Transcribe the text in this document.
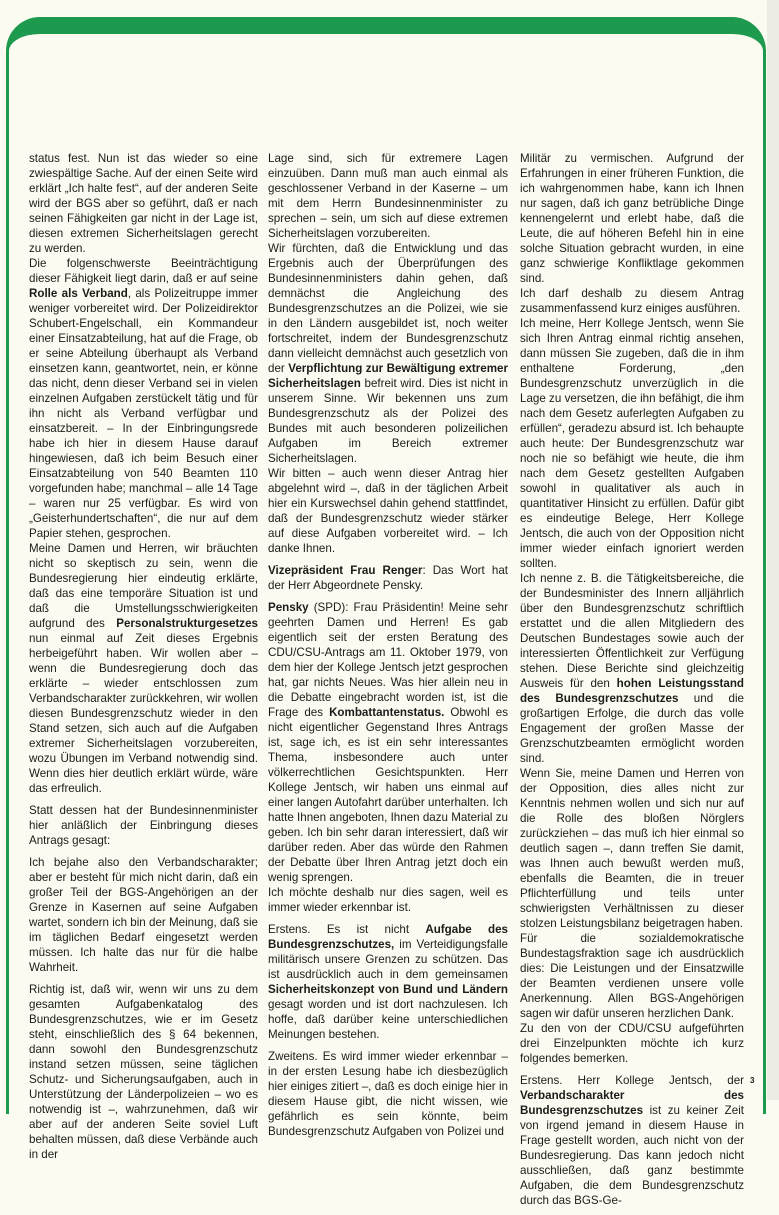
status fest. Nun ist das wieder so eine zwiespältige Sache. Auf der einen Seite wird erklärt „Ich halte fest“, auf der anderen Seite wird der BGS aber so geführt, daß er nach seinen Fähigkeiten gar nicht in der Lage ist, diesen extremen Sicherheitslagen gerecht zu werden.

Die folgenschwerste Beeinträchtigung dieser Fähigkeit liegt darin, daß er auf seine Rolle als Verband, als Polizeitruppe immer weniger vorbereitet wird. Der Polizeidirektor Schubert-Engelschall, ein Kommandeur einer Einsatzabteilung, hat auf die Frage, ob er seine Abteilung überhaupt als Verband einsetzen kann, geantwortet, nein, er könne das nicht, denn dieser Verband sei in vielen einzelnen Aufgaben zerstückelt tätig und für ihn nicht als Verband verfügbar und einsatzbereit. – In der Einbringungsrede habe ich hier in diesem Hause darauf hingewiesen, daß ich beim Besuch einer Einsatzabteilung von 540 Beamten 110 vorgefunden habe; manchmal – alle 14 Tage – waren nur 25 verfügbar. Es wird von „Geisterhundertschaften“, die nur auf dem Papier stehen, gesprochen.

Meine Damen und Herren, wir bräuchten nicht so skeptisch zu sein, wenn die Bundesregierung hier eindeutig erklärte, daß das eine temporäre Situation ist und daß die Umstellungsschwierigkeiten aufgrund des Personalstrukturgesetzes nun einmal auf Zeit dieses Ergebnis herbeigeführt haben. Wir wollen aber – wenn die Bundesregierung doch das erklärte – wieder entschlossen zum Verbandscharakter zurückkehren, wir wollen diesen Bundesgrenzschutz wieder in den Stand setzen, sich auch auf die Aufgaben extremer Sicherheitslagen vorzubereiten, wozu Übungen im Verband notwendig sind. Wenn dies hier deutlich erklärt würde, wäre das erfreulich.

Statt dessen hat der Bundesinnenminister hier anläßlich der Einbringung dieses Antrags gesagt:

Ich bejahe also den Verbandscharakter; aber er besteht für mich nicht darin, daß ein großer Teil der BGS-Angehörigen an der Grenze in Kasernen auf seine Aufgaben wartet, sondern ich bin der Meinung, daß sie im täglichen Bedarf eingesetzt werden müssen. Ich halte das nur für die halbe Wahrheit.

Richtig ist, daß wir, wenn wir uns zu dem gesamten Aufgabenkatalog des Bundesgrenzschutzes, wie er im Gesetz steht, einschließlich des § 64 bekennen, dann sowohl den Bundesgrenzschutz instand setzen müssen, seine täglichen Schutz- und Sicherungsaufgaben, auch in Unterstützung der Länderpolizeien – wo es notwendig ist –, wahrzunehmen, daß wir aber auf der anderen Seite soviel Luft behalten müssen, daß diese Verbände auch in der

Lage sind, sich für extremere Lagen einzuüben. Dann muß man auch einmal als geschlossener Verband in der Kaserne – um mit dem Herrn Bundesinnenminister zu sprechen – sein, um sich auf diese extremen Sicherheitslagen vorzubereiten.

Wir fürchten, daß die Entwicklung und das Ergebnis auch der Überprüfungen des Bundesinnenministers dahin gehen, daß demnächst die Angleichung des Bundesgrenzschutzes an die Polizei, wie sie in den Ländern ausgebildet ist, noch weiter fortschreitet, indem der Bundesgrenzschutz dann vielleicht demnächst auch gesetzlich von der Verpflichtung zur Bewältigung extremer Sicherheitslagen befreit wird. Dies ist nicht in unserem Sinne. Wir bekennen uns zum Bundesgrenzschutz als der Polizei des Bundes mit auch besonderen polizeilichen Aufgaben im Bereich extremer Sicherheitslagen.

Wir bitten – auch wenn dieser Antrag hier abgelehnt wird –, daß in der täglichen Arbeit hier ein Kurswechsel dahin gehend stattfindet, daß der Bundesgrenzschutz wieder stärker auf diese Aufgaben vorbereitet wird. – Ich danke Ihnen.

Vizepräsident Frau Renger: Das Wort hat der Herr Abgeordnete Pensky.

Pensky (SPD): Frau Präsidentin! Meine sehr geehrten Damen und Herren! Es gab eigentlich seit der ersten Beratung des CDU/CSU-Antrags am 11. Oktober 1979, von dem hier der Kollege Jentsch jetzt gesprochen hat, gar nichts Neues. Was hier allein neu in die Debatte eingebracht worden ist, ist die Frage des Kombattantenstatus. Obwohl es nicht eigentlicher Gegenstand Ihres Antrags ist, sage ich, es ist ein sehr interessantes Thema, insbesondere auch unter völkerrechtlichen Gesichtspunkten. Herr Kollege Jentsch, wir haben uns einmal auf einer langen Autofahrt darüber unterhalten. Ich hatte Ihnen angeboten, Ihnen dazu Material zu geben. Ich bin sehr daran interessiert, daß wir darüber reden. Aber das würde den Rahmen der Debatte über Ihren Antrag jetzt doch ein wenig sprengen.

Ich möchte deshalb nur dies sagen, weil es immer wieder erkennbar ist.

Erstens. Es ist nicht Aufgabe des Bundesgrenzschutzes, im Verteidigungsfalle militärisch unsere Grenzen zu schützen. Das ist ausdrücklich auch in dem gemeinsamen Sicherheitskonzept von Bund und Ländern gesagt worden und ist dort nachzulesen. Ich hoffe, daß darüber keine unterschiedlichen Meinungen bestehen.

Zweitens. Es wird immer wieder erkennbar – in der ersten Lesung habe ich diesbezüglich hier einiges zitiert –, daß es doch einige hier in diesem Hause gibt, die nicht wissen, wie gefährlich es sein könnte, beim Bundesgrenzschutz Aufgaben von Polizei und

Militär zu vermischen. Aufgrund der Erfahrungen in einer früheren Funktion, die ich wahrgenommen habe, kann ich Ihnen nur sagen, daß ich ganz betrübliche Dinge kennengelernt und erlebt habe, daß die Leute, die auf höheren Befehl hin in eine solche Situation gebracht wurden, in eine ganz schwierige Konfliktlage gekommen sind.

Ich darf deshalb zu diesem Antrag zusammenfassend kurz einiges ausführen.

Ich meine, Herr Kollege Jentsch, wenn Sie sich Ihren Antrag einmal richtig ansehen, dann müssen Sie zugeben, daß die in ihm enthaltene Forderung, „den Bundesgrenzschutz unverzüglich in die Lage zu versetzen, die ihn befähigt, die ihm nach dem Gesetz auferlegten Aufgaben zu erfüllen“, geradezu absurd ist. Ich behaupte auch heute: Der Bundesgrenzschutz war noch nie so befähigt wie heute, die ihm nach dem Gesetz gestellten Aufgaben sowohl in qualitativer als auch in quantitativer Hinsicht zu erfüllen. Dafür gibt es eindeutige Belege, Herr Kollege Jentsch, die auch von der Opposition nicht immer wieder einfach ignoriert werden sollten.

Ich nenne z. B. die Tätigkeitsbereiche, die der Bundesminister des Innern alljährlich über den Bundesgrenzschutz schriftlich erstattet und die allen Mitgliedern des Deutschen Bundestages sowie auch der interessierten Öffentlichkeit zur Verfügung stehen. Diese Berichte sind gleichzeitig Ausweis für den hohen Leistungsstand des Bundesgrenzschutzes und die großartigen Erfolge, die durch das volle Engagement der großen Masse der Grenzschutzbeamten ermöglicht worden sind.

Wenn Sie, meine Damen und Herren von der Opposition, dies alles nicht zur Kenntnis nehmen wollen und sich nur auf die Rolle des bloßen Nörglers zurückziehen – das muß ich hier einmal so deutlich sagen –, dann treffen Sie damit, was Ihnen auch bewußt werden muß, ebenfalls die Beamten, die in treuer Pflichterfüllung und teils unter schwierigsten Verhältnissen zu dieser stolzen Leistungsbilanz beigetragen haben.

Für die sozialdemokratische Bundestagsfraktion sage ich ausdrücklich dies: Die Leistungen und der Einsatzwille der Beamten verdienen unsere volle Anerkennung. Allen BGS-Angehörigen sagen wir dafür unseren herzlichen Dank.

Zu den von der CDU/CSU aufgeführten drei Einzelpunkten möchte ich kurz folgendes bemerken.

Erstens. Herr Kollege Jentsch, der Verbandscharakter des Bundesgrenzschutzes ist zu keiner Zeit von irgend jemand in diesem Hause in Frage gestellt worden, auch nicht von der Bundesregierung. Das kann jedoch nicht ausschließen, daß ganz bestimmte Aufgaben, die dem Bundesgrenzschutz durch das BGS-Ge-

3
